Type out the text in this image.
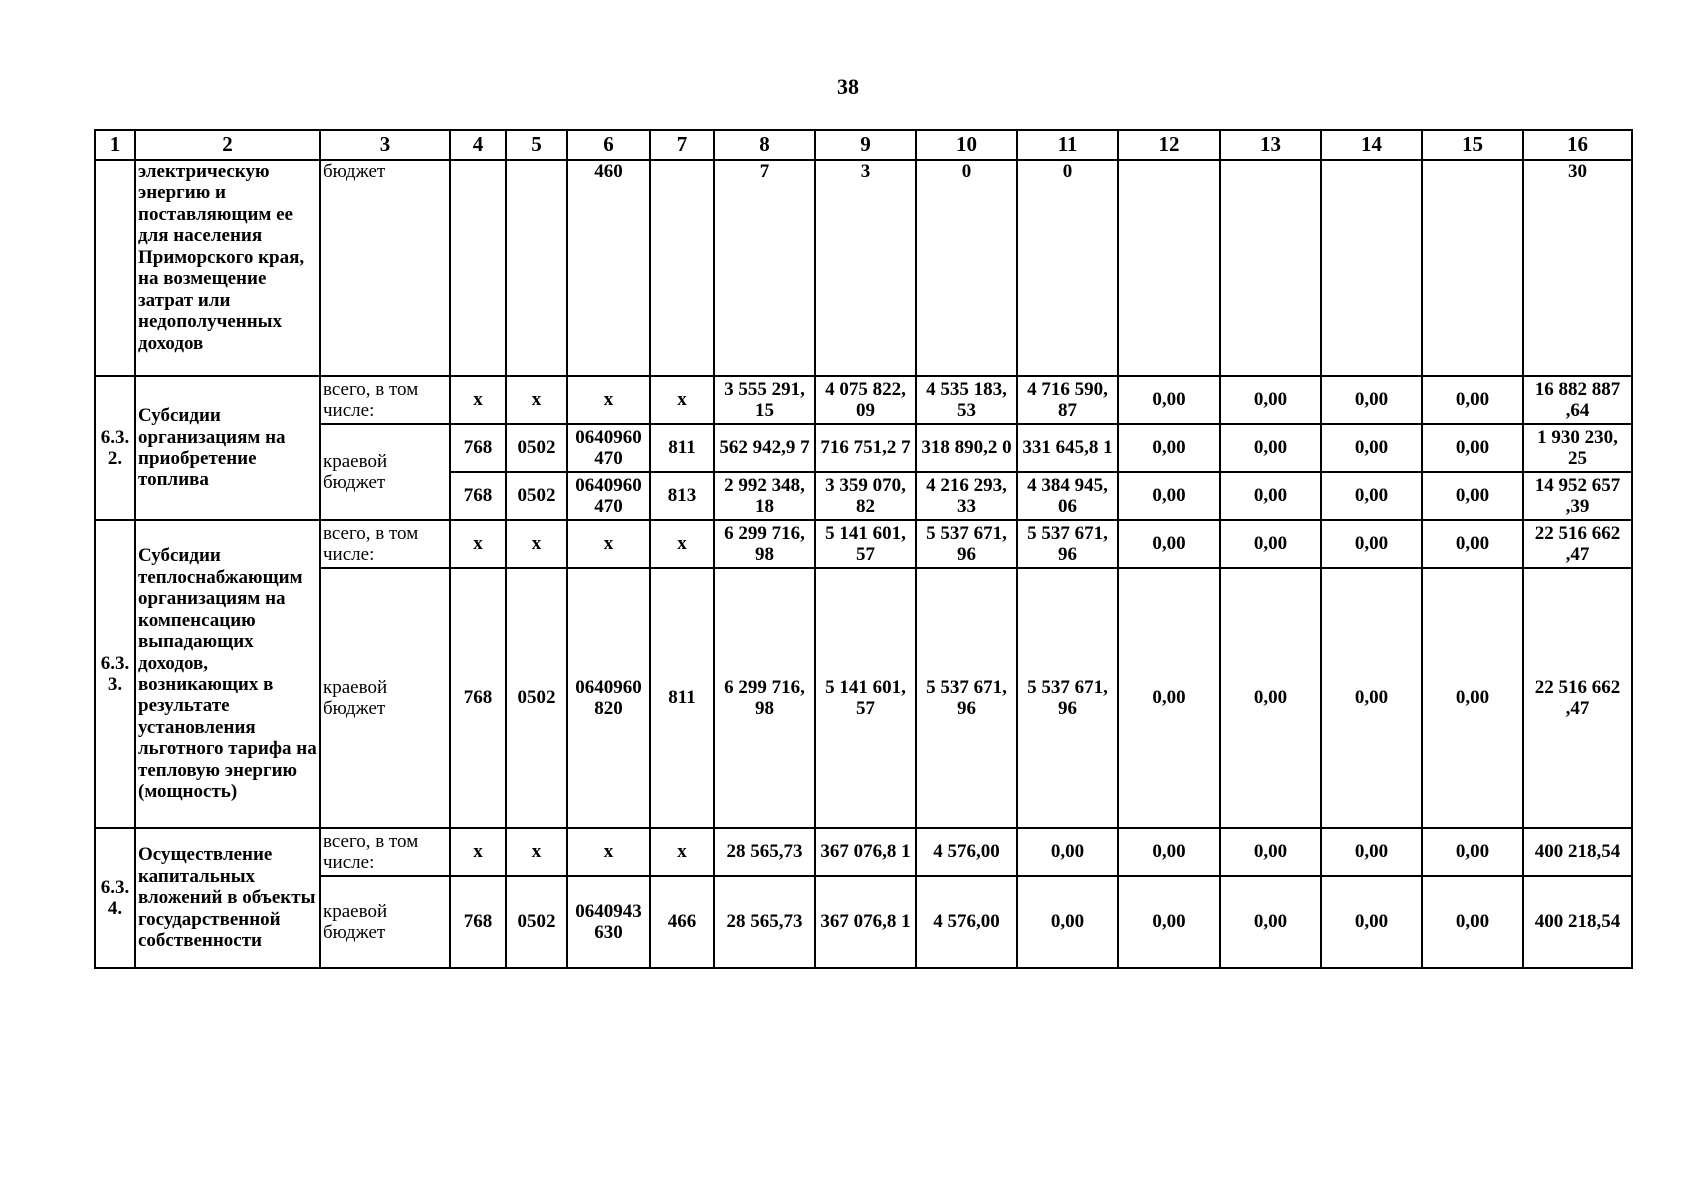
38
1	2	3	4	5	6	7	8	9	10	11	12	13	14	15	16
	электрическую энергию и поставляющим ее для населения Приморского края, на возмещение затрат или недополученных доходов	бюджет			460		7	3	0	0					30
6.3. 2.	Субсидии организациям на приобретение топлива	всего, в том числе:	x	x	x	x	3 555 291, 15	4 075 822, 09	4 535 183, 53	4 716 590, 87	0,00	0,00	0,00	0,00	16 882 887 ,64
		краевой бюджет	768	0502	0640960 470	811	562 942,9 7	716 751,2 7	318 890,2 0	331 645,8 1	0,00	0,00	0,00	0,00	1 930 230, 25
			768	0502	0640960 470	813	2 992 348, 18	3 359 070, 82	4 216 293, 33	4 384 945, 06	0,00	0,00	0,00	0,00	14 952 657 ,39
6.3. 3.	Субсидии теплоснабжающим организациям на компенсацию выпадающих доходов, возникающих в результате установления льготного тарифа на тепловую энергию (мощность)	всего, в том числе:	x	x	x	x	6 299 716, 98	5 141 601, 57	5 537 671, 96	5 537 671, 96	0,00	0,00	0,00	0,00	22 516 662 ,47
		краевой бюджет	768	0502	0640960 820	811	6 299 716, 98	5 141 601, 57	5 537 671, 96	5 537 671, 96	0,00	0,00	0,00	0,00	22 516 662 ,47
6.3. 4.	Осуществление капитальных вложений в объекты государственной собственности	всего, в том числе:	x	x	x	x	28 565,73	367 076,8 1	4 576,00	0,00	0,00	0,00	0,00	0,00	400 218,54
		краевой бюджет	768	0502	0640943 630	466	28 565,73	367 076,8 1	4 576,00	0,00	0,00	0,00	0,00	0,00	400 218,54
